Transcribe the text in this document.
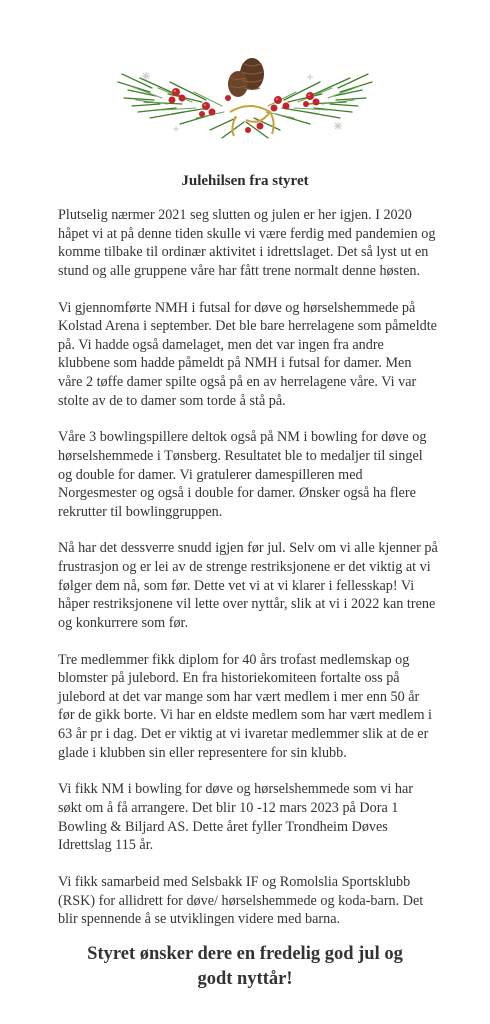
Julehilsen fra styret

Plutselig nærmer 2021 seg slutten og julen er her igjen. I 2020 håpet vi at på denne tiden skulle vi være ferdig med pandemien og komme tilbake til ordinær aktivitet i idrettslaget. Det så lyst ut en stund og alle gruppene våre har fått trene normalt denne høsten.

Vi gjennomførte NMH i futsal for døve og hørselshemmede på Kolstad Arena i september. Det ble bare herrelagene som påmeldte på. Vi hadde også damelaget, men det var ingen fra andre klubbene som hadde påmeldt på NMH i futsal for damer. Men våre 2 tøffe damer spilte også på en av herrelagene våre. Vi var stolte av de to damer som torde å stå på.

Våre 3 bowlingspillere deltok også på NM i bowling for døve og hørselshemmede i Tønsberg. Resultatet ble to medaljer til singel og double for damer. Vi gratulerer damespilleren med Norgesmester og også i double for damer. Ønsker også ha flere rekrutter til bowlinggruppen.

Nå har det dessverre snudd igjen før jul. Selv om vi alle kjenner på frustrasjon og er lei av de strenge restriksjonene er det viktig at vi følger dem nå, som før. Dette vet vi at vi klarer i fellesskap! Vi håper restriksjonene vil lette over nyttår, slik at vi i 2022 kan trene og konkurrere som før.

Tre medlemmer fikk diplom for 40 års trofast medlemskap og blomster på julebord. En fra historiekomiteen fortalte oss på julebord at det var mange som har vært medlem i mer enn 50 år før de gikk borte. Vi har en eldste medlem som har vært medlem i 63 år pr i dag. Det er viktig at vi ivaretar medlemmer slik at de er glade i klubben sin eller representere for sin klubb.

Vi fikk NM i bowling for døve og hørselshemmede som vi har søkt om å få arrangere. Det blir 10 -12 mars 2023 på Dora 1 Bowling & Biljard AS. Dette året fyller Trondheim Døves Idrettslag 115 år.

Vi fikk samarbeid med Selsbakk IF og Romolslia Sportsklubb (RSK) for allidrett for døve/ hørselshemmede og koda-barn. Det blir spennende å se utviklingen videre med barna.

Styret ønsker dere en fredelig god jul og
godt nyttår!
